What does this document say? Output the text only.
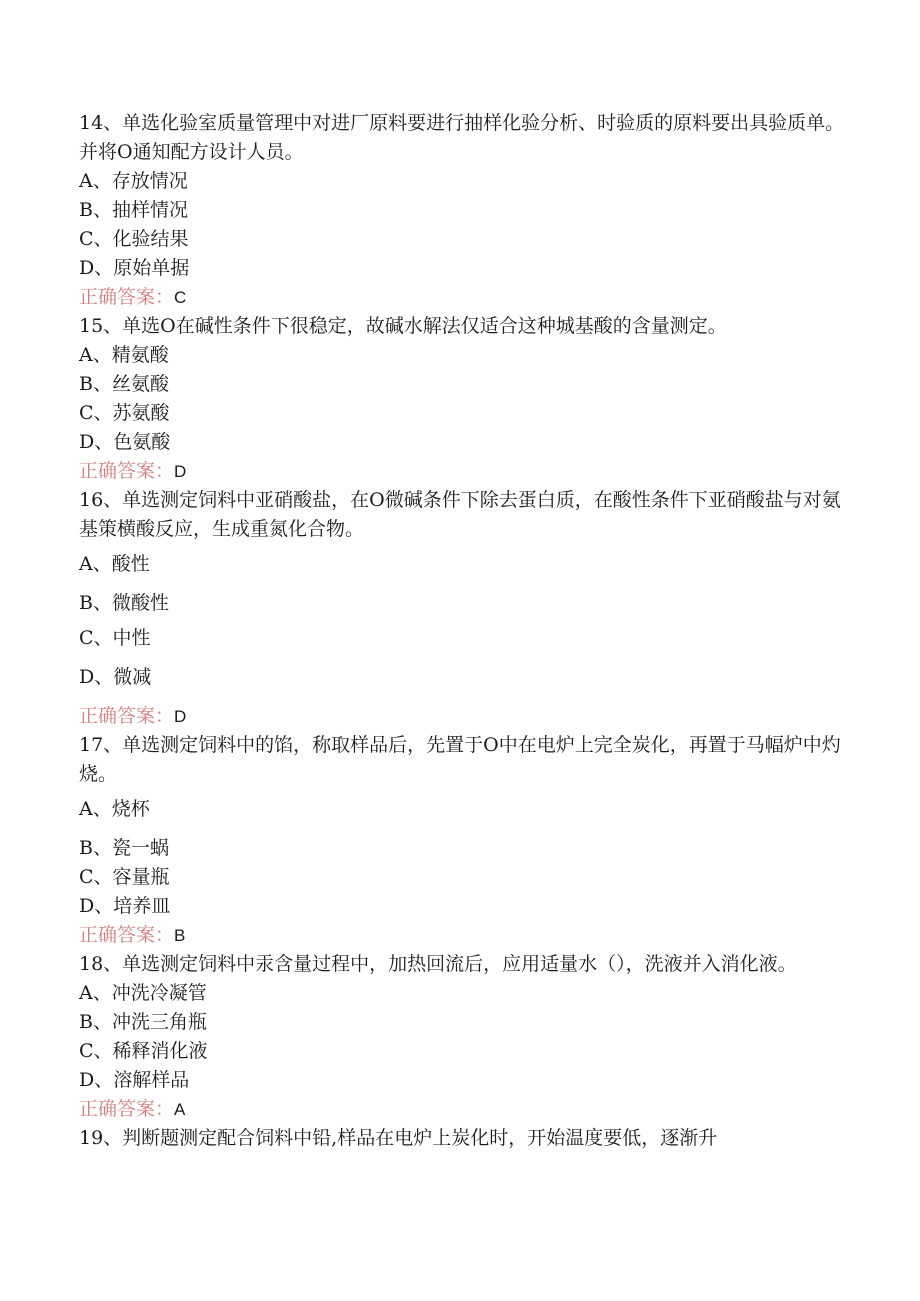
14、单选化验室质量管理中对进厂原料要进行抽样化验分析、时验质的原料要出具验质单。并将O通知配方设计人员。

A、存放情况

B、抽样情况

C、化验结果

D、原始单据

正确答案：C

15、单选O在碱性条件下很稳定，故碱水解法仅适合这种城基酸的含量测定。

A、精氨酸

B、丝氨酸

C、苏氨酸

D、色氨酸

正确答案：D

16、单选测定饲料中亚硝酸盐，在O微碱条件下除去蛋白质，在酸性条件下亚硝酸盐与对氨基策横酸反应，生成重氮化合物。

A、酸性

B、微酸性

C、中性

D、微减

正确答案：D

17、单选测定饲料中的馅，称取样品后，先置于O中在电炉上完全炭化，再置于马幅炉中灼烧。

A、烧杯

B、瓷一蜗

C、容量瓶

D、培养皿

正确答案：B

18、单选测定饲料中汞含量过程中，加热回流后，应用适量水（），洗液并入消化液。

A、冲洗冷凝管

B、冲洗三角瓶

C、稀释消化液

D、溶解样品

正确答案：A

19、判断题测定配合饲料中铅,样品在电炉上炭化时，开始温度要低，逐渐升
